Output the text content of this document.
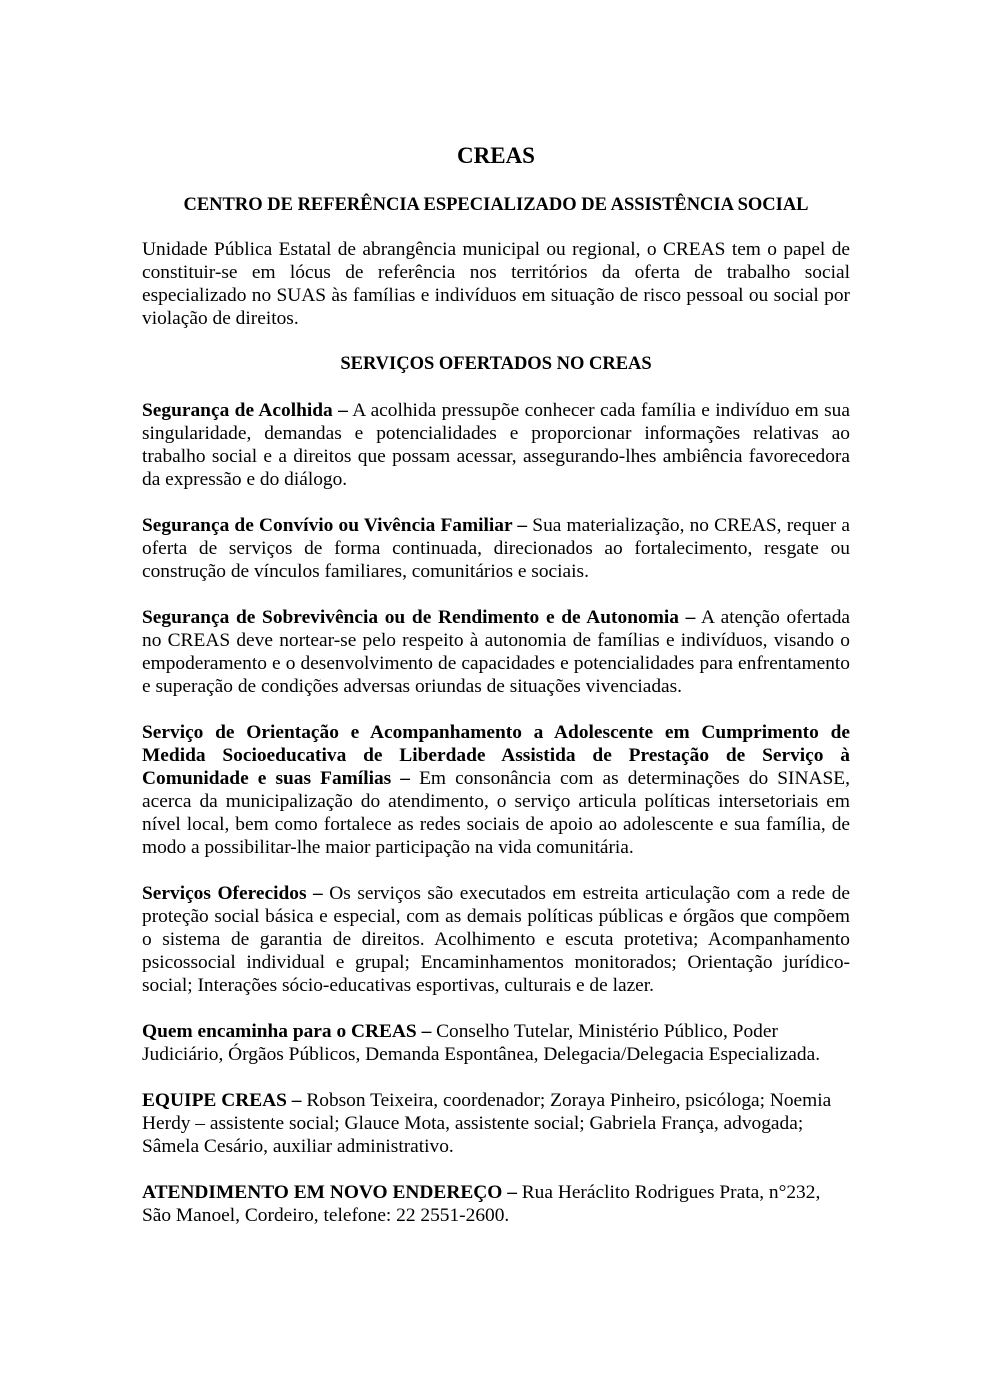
CREAS
CENTRO DE REFERÊNCIA ESPECIALIZADO DE ASSISTÊNCIA SOCIAL

Unidade Pública Estatal de abrangência municipal ou regional, o CREAS tem o papel de constituir-se em lócus de referência nos territórios da oferta de trabalho social especializado no SUAS às famílias e indivíduos em situação de risco pessoal ou social por violação de direitos.

SERVIÇOS OFERTADOS NO CREAS

Segurança de Acolhida – A acolhida pressupõe conhecer cada família e indivíduo em sua singularidade, demandas e potencialidades e proporcionar informações relativas ao trabalho social e a direitos que possam acessar, assegurando-lhes ambiência favorecedora da expressão e do diálogo.

Segurança de Convívio ou Vivência Familiar – Sua materialização, no CREAS, requer a oferta de serviços de forma continuada, direcionados ao fortalecimento, resgate ou construção de vínculos familiares, comunitários e sociais.

Segurança de Sobrevivência ou de Rendimento e de Autonomia – A atenção ofertada no CREAS deve nortear-se pelo respeito à autonomia de famílias e indivíduos, visando o empoderamento e o desenvolvimento de capacidades e potencialidades para enfrentamento e superação de condições adversas oriundas de situações vivenciadas.

Serviço de Orientação e Acompanhamento a Adolescente em Cumprimento de Medida Socioeducativa de Liberdade Assistida de Prestação de Serviço à Comunidade e suas Famílias – Em consonância com as determinações do SINASE, acerca da municipalização do atendimento, o serviço articula políticas intersetoriais em nível local, bem como fortalece as redes sociais de apoio ao adolescente e sua família, de modo a possibilitar-lhe maior participação na vida comunitária.

Serviços Oferecidos – Os serviços são executados em estreita articulação com a rede de proteção social básica e especial, com as demais políticas públicas e órgãos que compõem o sistema de garantia de direitos. Acolhimento e escuta protetiva; Acompanhamento psicossocial individual e grupal; Encaminhamentos monitorados; Orientação jurídico-social; Interações sócio-educativas esportivas, culturais e de lazer.

Quem encaminha para o CREAS – Conselho Tutelar, Ministério Público, Poder Judiciário, Órgãos Públicos, Demanda Espontânea, Delegacia/Delegacia Especializada.

EQUIPE CREAS – Robson Teixeira, coordenador; Zoraya Pinheiro, psicóloga; Noemia Herdy – assistente social; Glauce Mota, assistente social; Gabriela França, advogada; Sâmela Cesário, auxiliar administrativo.

ATENDIMENTO EM NOVO ENDEREÇO – Rua Heráclito Rodrigues Prata, n°232, São Manoel, Cordeiro, telefone: 22 2551-2600.
